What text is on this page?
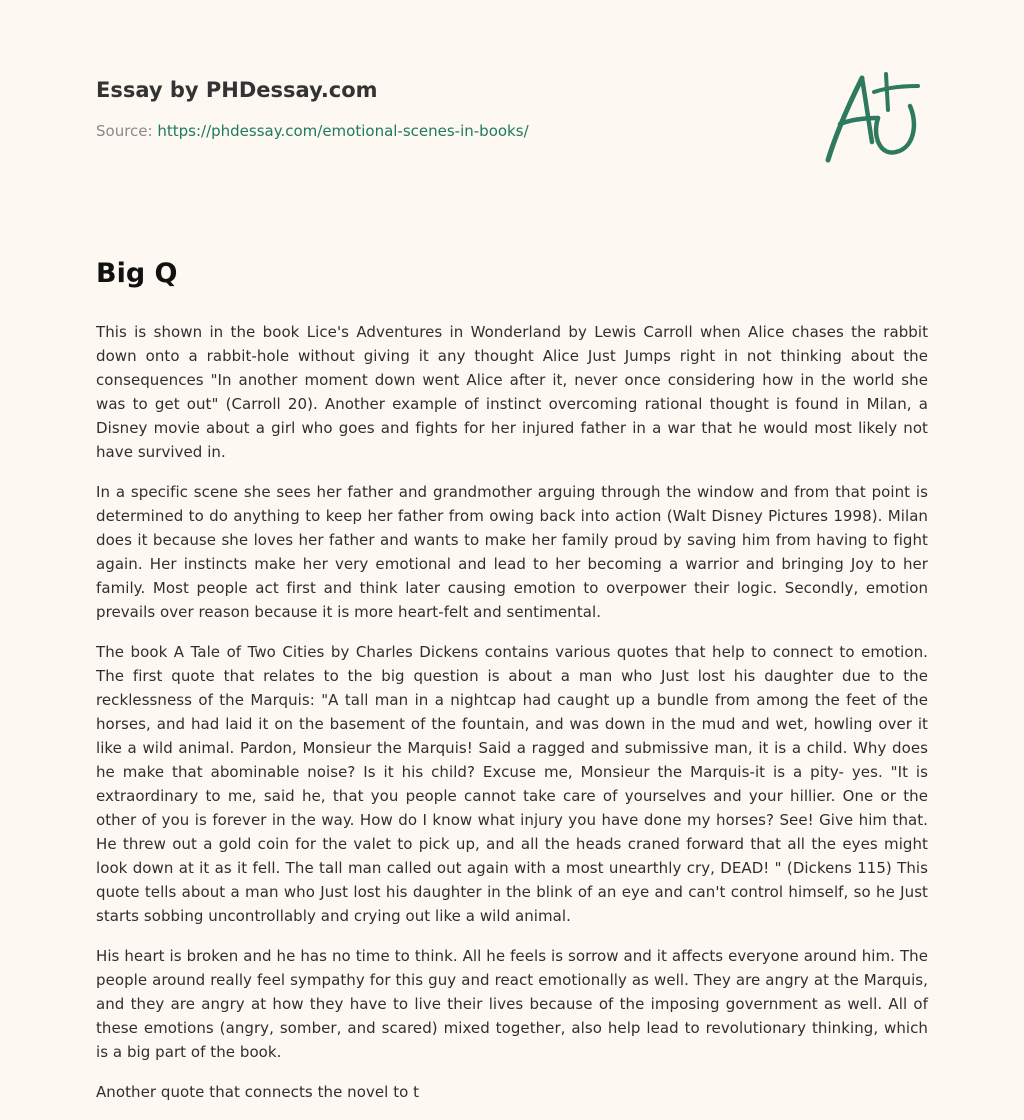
Essay by PHDessay.com
Source: https://phdessay.com/emotional-scenes-in-books/
Big Q

This is shown in the book Lice's Adventures in Wonderland by Lewis Carroll when Alice chases the rabbit down onto a rabbit-hole without giving it any thought Alice Just Jumps right in not thinking about the consequences "In another moment down went Alice after it, never once considering how in the world she was to get out" (Carroll 20). Another example of instinct overcoming rational thought is found in Milan, a Disney movie about a girl who goes and fights for her injured father in a war that he would most likely not have survived in.

In a specific scene she sees her father and grandmother arguing through the window and from that point is determined to do anything to keep her father from owing back into action (Walt Disney Pictures 1998). Milan does it because she loves her father and wants to make her family proud by saving him from having to fight again. Her instincts make her very emotional and lead to her becoming a warrior and bringing Joy to her family. Most people act first and think later causing emotion to overpower their logic. Secondly, emotion prevails over reason because it is more heart-felt and sentimental.

The book A Tale of Two Cities by Charles Dickens contains various quotes that help to connect to emotion. The first quote that relates to the big question is about a man who Just lost his daughter due to the recklessness of the Marquis: "A tall man in a nightcap had caught up a bundle from among the feet of the horses, and had laid it on the basement of the fountain, and was down in the mud and wet, howling over it like a wild animal. Pardon, Monsieur the Marquis! Said a ragged and submissive man, it is a child. Why does he make that abominable noise? Is it his child? Excuse me, Monsieur the Marquis-it is a pity- yes. "It is extraordinary to me, said he, that you people cannot take care of yourselves and your hillier. One or the other of you is forever in the way. How do I know what injury you have done my horses? See! Give him that. He threw out a gold coin for the valet to pick up, and all the heads craned forward that all the eyes might look down at it as it fell. The tall man called out again with a most unearthly cry, DEAD! " (Dickens 115) This quote tells about a man who Just lost his daughter in the blink of an eye and can't control himself, so he Just starts sobbing uncontrollably and crying out like a wild animal.

His heart is broken and he has no time to think. All he feels is sorrow and it affects everyone around him. The people around really feel sympathy for this guy and react emotionally as well. They are angry at the Marquis, and they are angry at how they have to live their lives because of the imposing government as well. All of these emotions (angry, somber, and scared) mixed together, also help lead to revolutionary thinking, which is a big part of the book.

Another quote that connects the novel to t
